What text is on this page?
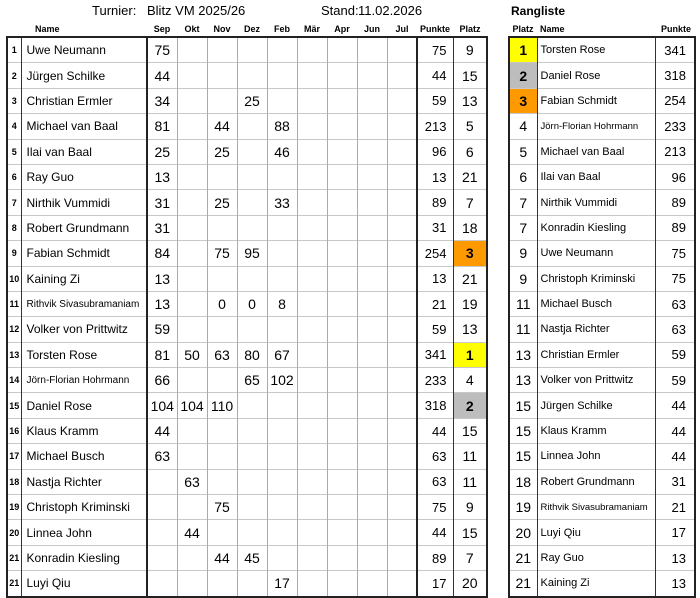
Turnier: Blitz VM 2025/26	Stand: 11.02.2026	Rangliste
	Name	Sep	Okt	Nov	Dez	Feb	Mär	Apr	Jun	Jul	Punkte	Platz
1	Uwe Neumann	75									75	9
2	Jürgen Schilke	44									44	15
3	Christian Ermler	34			25						59	13
4	Michael van Baal	81		44		88					213	5
5	Ilai van Baal	25		25		46					96	6
6	Ray Guo	13									13	21
7	Nirthik Vummidi	31		25		33					89	7
8	Robert Grundmann	31									31	18
9	Fabian Schmidt	84		75	95						254	3
10	Kaining Zi	13									13	21
11	Rithvik Sivasubramaniam	13		0	0	8					21	19
12	Volker von Prittwitz	59									59	13
13	Torsten Rose	81	50	63	80	67					341	1
14	Jörn-Florian Hohrmann	66			65	102					233	4
15	Daniel Rose	104	104	110							318	2
16	Klaus Kramm	44									44	15
17	Michael Busch	63									63	11
18	Nastja Richter		63								63	11
19	Christoph Kriminski			75							75	9
20	Linnea John		44								44	15
21	Konradin Kiesling			44	45						89	7
21	Luyi Qiu					17					17	20
Platz	Name	Punkte
1	Torsten Rose	341
2	Daniel Rose	318
3	Fabian Schmidt	254
4	Jörn-Florian Hohrmann	233
5	Michael van Baal	213
6	Ilai van Baal	96
7	Nirthik Vummidi	89
7	Konradin Kiesling	89
9	Uwe Neumann	75
9	Christoph Kriminski	75
11	Michael Busch	63
11	Nastja Richter	63
13	Christian Ermler	59
13	Volker von Prittwitz	59
15	Jürgen Schilke	44
15	Klaus Kramm	44
15	Linnea John	44
18	Robert Grundmann	31
19	Rithvik Sivasubramaniam	21
20	Luyi Qiu	17
21	Ray Guo	13
21	Kaining Zi	13
